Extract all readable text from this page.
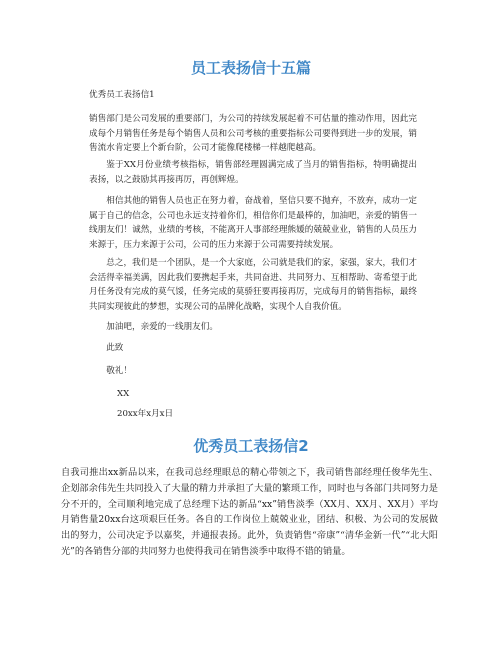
员工表扬信十五篇

优秀员工表扬信1

销售部门是公司发展的重要部门，为公司的持续发展起着不可估量的推动作用，因此完成每个月销售任务是每个销售人员和公司考核的重要指标公司要得到进一步的发展，销售流水肯定要上个新台阶，公司才能像爬楼梯一样越爬越高。

鉴于XX月份业绩考核指标，销售部经理圆满完成了当月的销售指标，特明确提出表扬，以之鼓励其再接再厉，再创辉煌。

相信其他的销售人员也正在努力着，奋战着，坚信只要不抛弃，不放弃，成功一定属于自己的信念，公司也永远支持着你们，相信你们是最棒的，加油吧，亲爱的销售一线朋友们！诚然，业绩的考核，不能离开人事部经理熊媛的兢兢业业，销售的人员压力来源于，压力来源于公司，公司的压力来源于公司需要持续发展。

总之，我们是一个团队，是一个大家庭，公司就是我们的家，家强，家大，我们才会活得幸福美满，因此我们要携起手来，共同奋进、共同努力、互相帮助、寄希望于此月任务没有完成的莫气馁，任务完成的莫骄狂要再接再厉，完成每月的销售指标，最终共同实现彼此的梦想，实现公司的品牌化战略，实现个人自我价值。

加油吧，亲爱的一线朋友们。

此致

敬礼！

XX

20xx年x月x日

优秀员工表扬信2

自我司推出xx新品以来，在我司总经理眼总的精心带领之下，我司销售部经理任俊华先生、企划部余伟先生共同投入了大量的精力并承担了大量的繁琐工作，同时也与各部门共同努力是分不开的，全司顺利地完成了总经理下达的新品“xx”销售淡季（XX月、XX月、XX月）平均月销售量20xx台这项艰巨任务。各自的工作岗位上兢兢业业，团结、积极、为公司的发展做出的努力，公司决定予以嘉奖，并通报表扬。此外，负责销售“帝康”“清华金新一代”“北大阳光”的各销售分部的共同努力也使得我司在销售淡季中取得不错的销量。
